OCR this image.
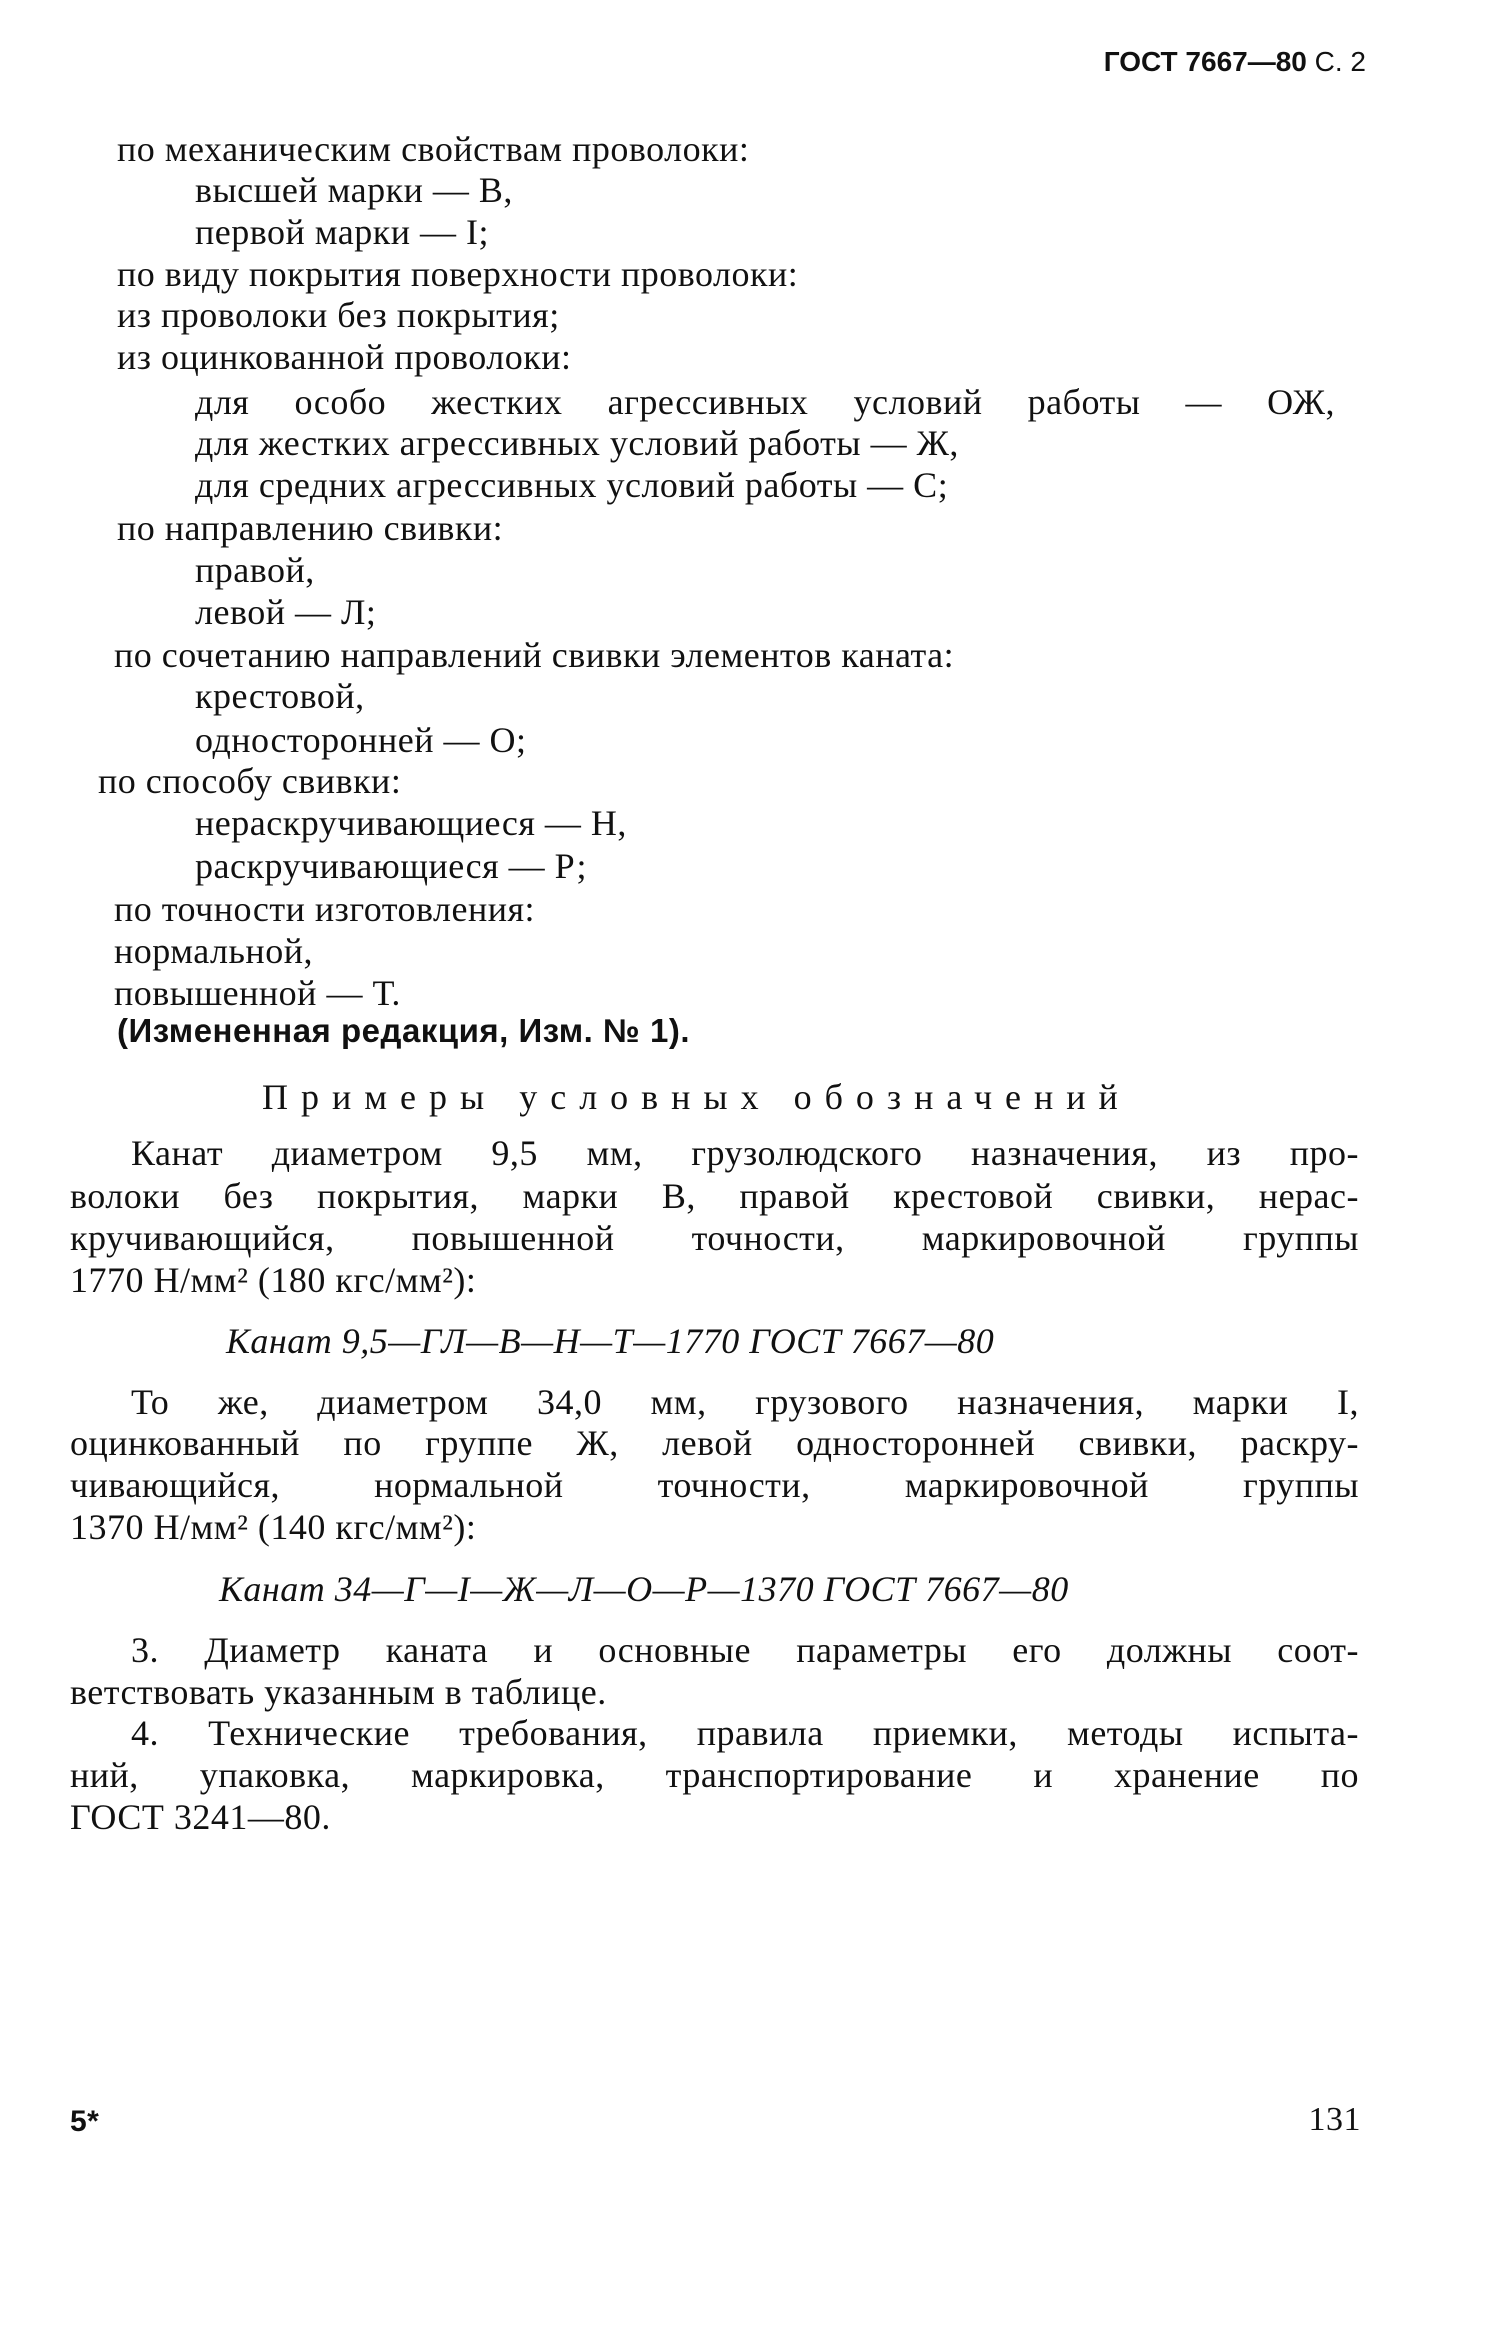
ГОСТ 7667—80 С. 2
по механическим свойствам проволоки:
высшей марки — В,
первой марки — I;
по виду покрытия поверхности проволоки:
из проволоки без покрытия;
из оцинкованной проволоки:
для особо жестких агрессивных условий работы — ОЖ,
для жестких агрессивных условий работы — Ж,
для средних агрессивных условий работы — С;
по направлению свивки:
правой,
левой — Л;
по сочетанию направлений свивки элементов каната:
крестовой,
односторонней — О;
по способу свивки:
нераскручивающиеся — Н,
раскручивающиеся — Р;
по точности изготовления:
нормальной,
повышенной — Т.
(Измененная редакция, Изм. № 1).
Примеры условных обозначений
Канат диаметром 9,5 мм, грузолюдского назначения, из про-
волоки без покрытия, марки В, правой крестовой свивки, нерас-
кручивающийся, повышенной точности, маркировочной группы
1770 Н/мм² (180 кгс/мм²):
Канат 9,5—ГЛ—В—Н—Т—1770 ГОСТ 7667—80
То же, диаметром 34,0 мм, грузового назначения, марки I,
оцинкованный по группе Ж, левой односторонней свивки, раскру-
чивающийся, нормальной точности, маркировочной группы
1370 Н/мм² (140 кгс/мм²):
Канат 34—Г—I—Ж—Л—О—Р—1370 ГОСТ 7667—80
3. Диаметр каната и основные параметры его должны соот-
ветствовать указанным в таблице.
4. Технические требования, правила приемки, методы испыта-
ний, упаковка, маркировка, транспортирование и хранение по
ГОСТ 3241—80.
5*	131
